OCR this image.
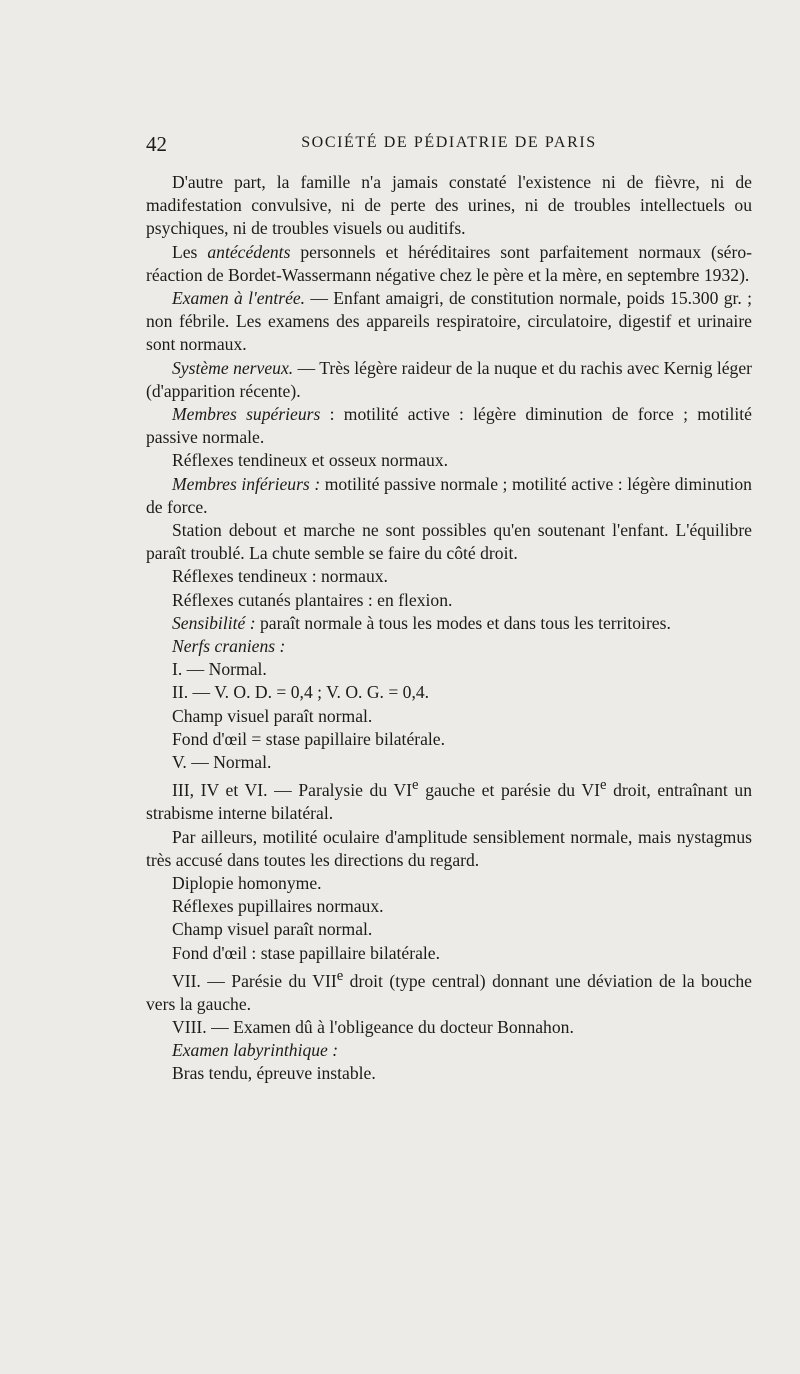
42	SOCIÉTÉ DE PÉDIATRIE DE PARIS

D'autre part, la famille n'a jamais constaté l'existence ni de fièvre, ni de madifestation convulsive, ni de perte des urines, ni de troubles intellectuels ou psychiques, ni de troubles visuels ou auditifs.

Les antécédents personnels et héréditaires sont parfaitement normaux (séro-réaction de Bordet-Wassermann négative chez le père et la mère, en septembre 1932).

Examen à l'entrée. — Enfant amaigri, de constitution normale, poids 15.300 gr. ; non fébrile. Les examens des appareils respiratoire, circulatoire, digestif et urinaire sont normaux.

Système nerveux. — Très légère raideur de la nuque et du rachis avec Kernig léger (d'apparition récente).

Membres supérieurs : motilité active : légère diminution de force ; motilité passive normale.

Réflexes tendineux et osseux normaux.

Membres inférieurs : motilité passive normale ; motilité active : légère diminution de force.

Station debout et marche ne sont possibles qu'en soutenant l'enfant. L'équilibre paraît troublé. La chute semble se faire du côté droit.

Réflexes tendineux : normaux.

Réflexes cutanés plantaires : en flexion.

Sensibilité : paraît normale à tous les modes et dans tous les territoires.

Nerfs craniens :

I. — Normal.

II. — V. O. D. = 0,4 ; V. O. G. = 0,4.

Champ visuel paraît normal.

Fond d'œil = stase papillaire bilatérale.

V. — Normal.

III, IV et VI. — Paralysie du VIe gauche et parésie du VIe droit, entraînant un strabisme interne bilatéral.

Par ailleurs, motilité oculaire d'amplitude sensiblement normale, mais nystagmus très accusé dans toutes les directions du regard.

Diplopie homonyme.

Réflexes pupillaires normaux.

Champ visuel paraît normal.

Fond d'œil : stase papillaire bilatérale.

VII. — Parésie du VIIe droit (type central) donnant une déviation de la bouche vers la gauche.

VIII. — Examen dû à l'obligeance du docteur Bonnahon.

Examen labyrinthique :

Bras tendu, épreuve instable.
